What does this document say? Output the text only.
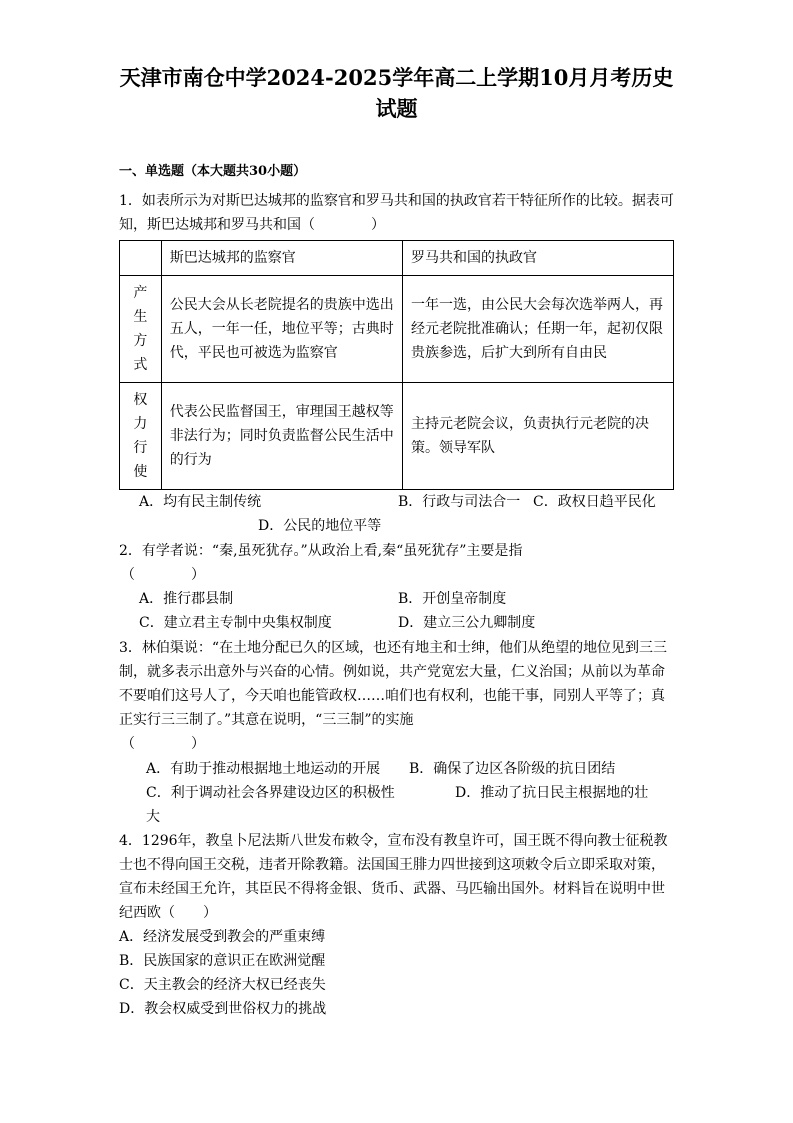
天津市南仓中学2024-2025学年高二上学期10月月考历史
试题
一、单选题（本大题共30小题）
1．如表所示为对斯巴达城邦的监察官和罗马共和国的执政官若干特征所作的比较。据表可知，斯巴达城邦和罗马共和国（　　　　）
	斯巴达城邦的监察官	罗马共和国的执政官

产
生
方
式	公民大会从长老院提名的贵族中选出五人，一年一任，地位平等；古典时代，平民也可被选为监察官	一年一选，由公民大会每次选举两人，再经元老院批准确认；任期一年，起初仅限贵族参选，后扩大到所有自由民

权
力
行
使	代表公民监督国王，审理国王越权等非法行为；同时负责监督公民生活中的行为	主持元老院会议，负责执行元老院的决策。领导军队
A．均有民主制传统	B．行政与司法合一 C．政权日趋平民化
D．公民的地位平等
2．有学者说：“秦,虽死犹存。”从政治上看,秦“虽死犹存”主要是指
（　　　　）
A．推行郡县制	B．开创皇帝制度
C．建立君主专制中央集权制度	D．建立三公九卿制度
3．林伯渠说：“在土地分配已久的区域，也还有地主和士绅，他们从绝望的地位见到三三制，就多表示出意外与兴奋的心情。例如说，共产党宽宏大量，仁义治国；从前以为革命不要咱们这号人了，今天咱也能管政权……咱们也有权利，也能干事，同别人平等了；真正实行三三制了。”其意在说明，“三三制”的实施
（　　　　）
A．有助于推动根据地土地运动的开展 B．确保了边区各阶级的抗日团结
C．利于调动社会各界建设边区的积极性	D．推动了抗日民主根据地的壮
大
4．1296年，教皇卜尼法斯八世发布敕令，宣布没有教皇许可，国王既不得向教士征税教士也不得向国王交税，违者开除教籍。法国国王腓力四世接到这项敕令后立即采取对策，宣布未经国王允许，其臣民不得将金银、货币、武器、马匹输出国外。材料旨在说明中世纪西欧（　　）
A．经济发展受到教会的严重束缚
B．民族国家的意识正在欧洲觉醒
C．天主教会的经济大权已经丧失
D．教会权威受到世俗权力的挑战
